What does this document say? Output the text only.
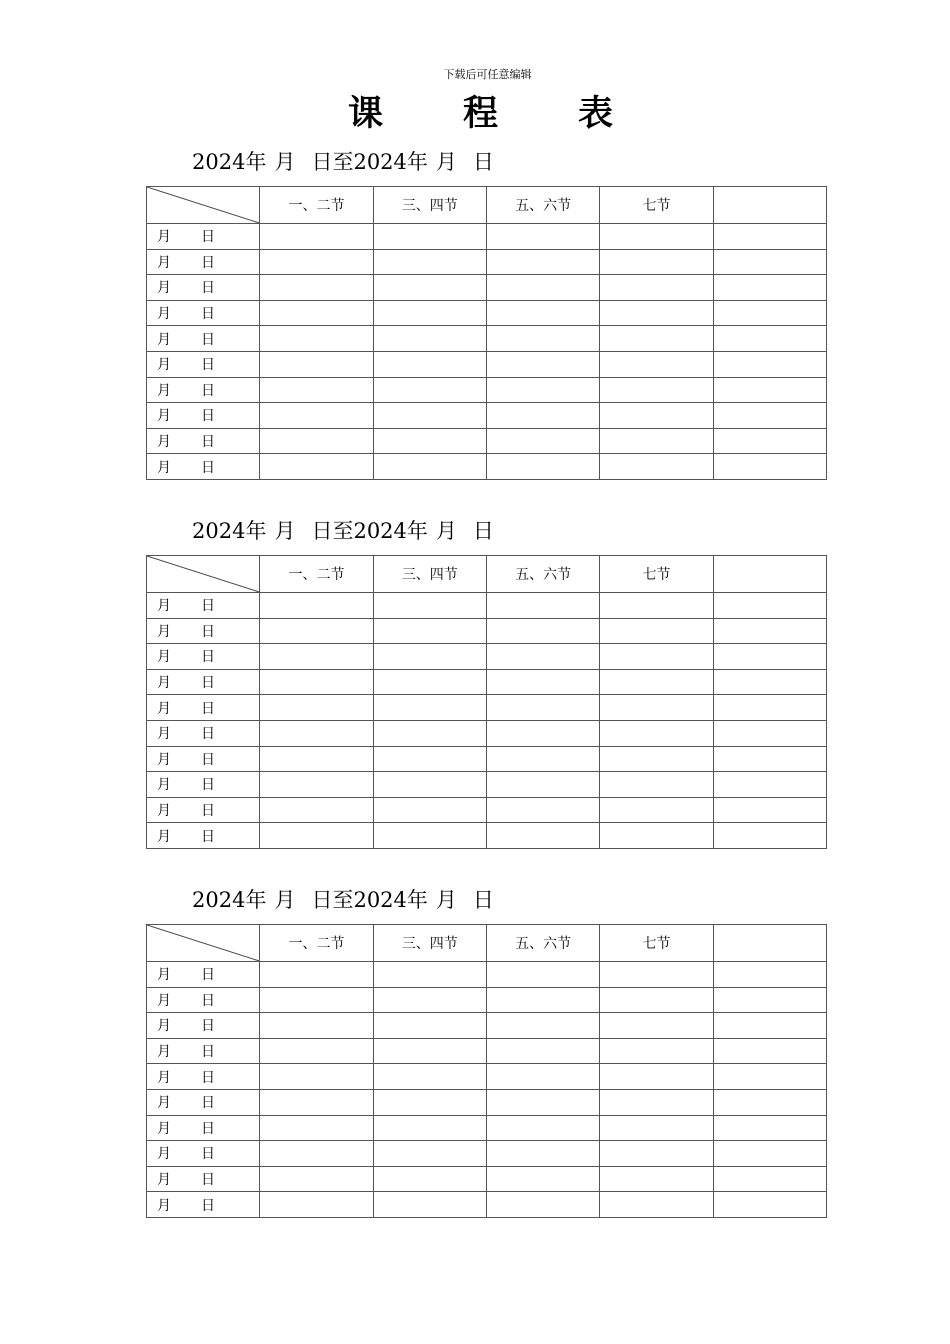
下载后可任意编辑
课 程 表
2024年 月 日至2024年 月 日
	一、二节	三、四节	五、六节	七节	
月 日					
月 日					
月 日					
月 日					
月 日					
月 日					
月 日					
月 日					
月 日					
月 日					
2024年 月 日至2024年 月 日
	一、二节	三、四节	五、六节	七节	
月 日					
月 日					
月 日					
月 日					
月 日					
月 日					
月 日					
月 日					
月 日					
月 日					
2024年 月 日至2024年 月 日
	一、二节	三、四节	五、六节	七节	
月 日					
月 日					
月 日					
月 日					
月 日					
月 日					
月 日					
月 日					
月 日					
月 日					
